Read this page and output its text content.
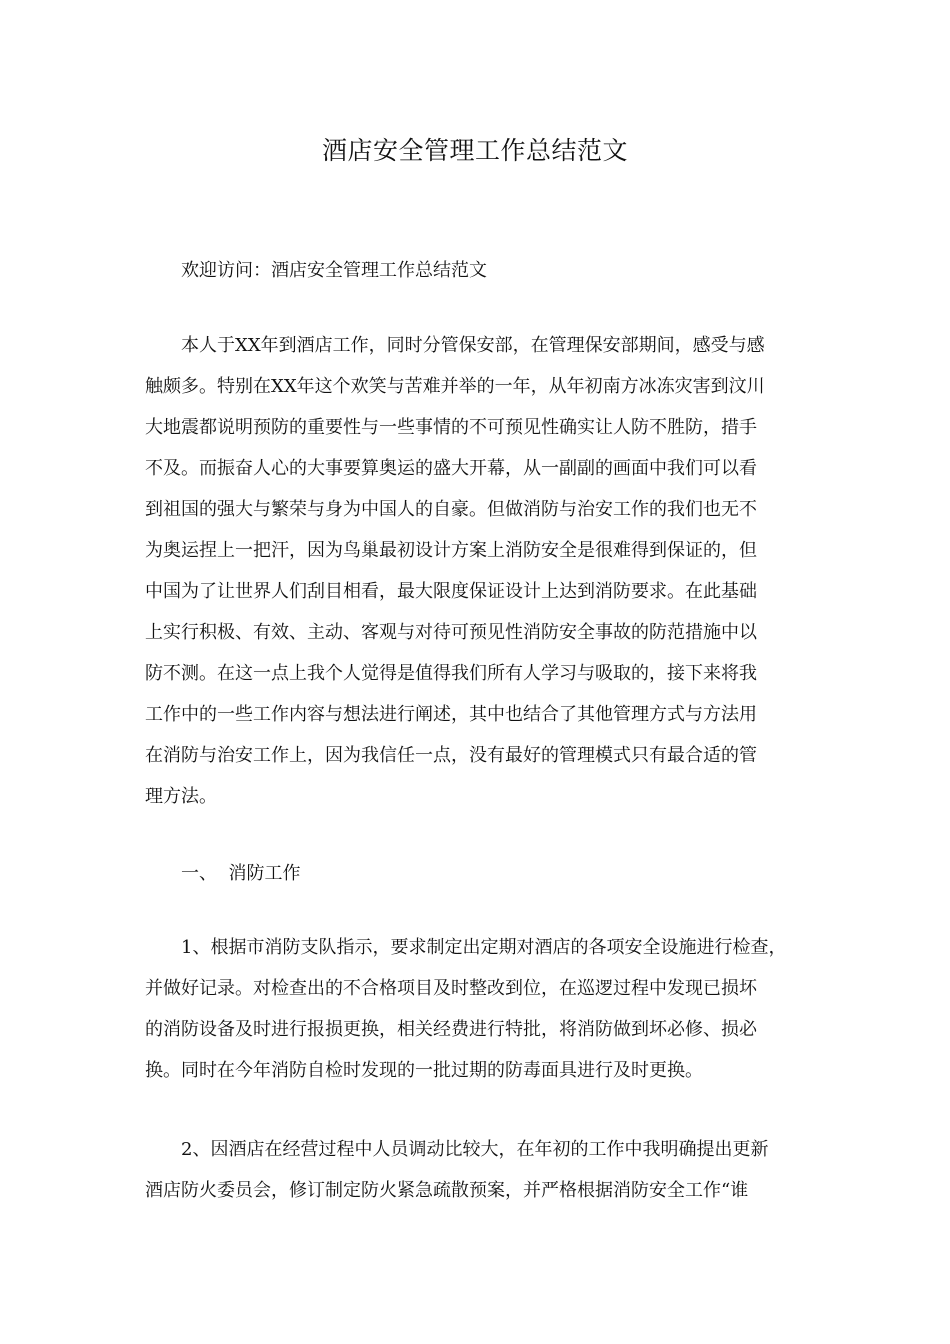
酒店安全管理工作总结范文

欢迎访问：酒店安全管理工作总结范文

本人于XX年到酒店工作，同时分管保安部，在管理保安部期间，感受与感
触颇多。特别在XX年这个欢笑与苦难并举的一年，从年初南方冰冻灾害到汶川
大地震都说明预防的重要性与一些事情的不可预见性确实让人防不胜防，措手
不及。而振奋人心的大事要算奥运的盛大开幕，从一副副的画面中我们可以看
到祖国的强大与繁荣与身为中国人的自豪。但做消防与治安工作的我们也无不
为奥运捏上一把汗，因为鸟巢最初设计方案上消防安全是很难得到保证的，但
中国为了让世界人们刮目相看，最大限度保证设计上达到消防要求。在此基础
上实行积极、有效、主动、客观与对待可预见性消防安全事故的防范措施中以
防不测。在这一点上我个人觉得是值得我们所有人学习与吸取的，接下来将我
工作中的一些工作内容与想法进行阐述，其中也结合了其他管理方式与方法用
在消防与治安工作上，因为我信任一点，没有最好的管理模式只有最合适的管
理方法。

一、  消防工作

1、根据市消防支队指示，要求制定出定期对酒店的各项安全设施进行检查，
并做好记录。对检查出的不合格项目及时整改到位，在巡逻过程中发现已损坏
的消防设备及时进行报损更换，相关经费进行特批，将消防做到坏必修、损必
换。同时在今年消防自检时发现的一批过期的防毒面具进行及时更换。
2、因酒店在经营过程中人员调动比较大，在年初的工作中我明确提出更新
酒店防火委员会，修订制定防火紧急疏散预案，并严格根据消防安全工作“谁
